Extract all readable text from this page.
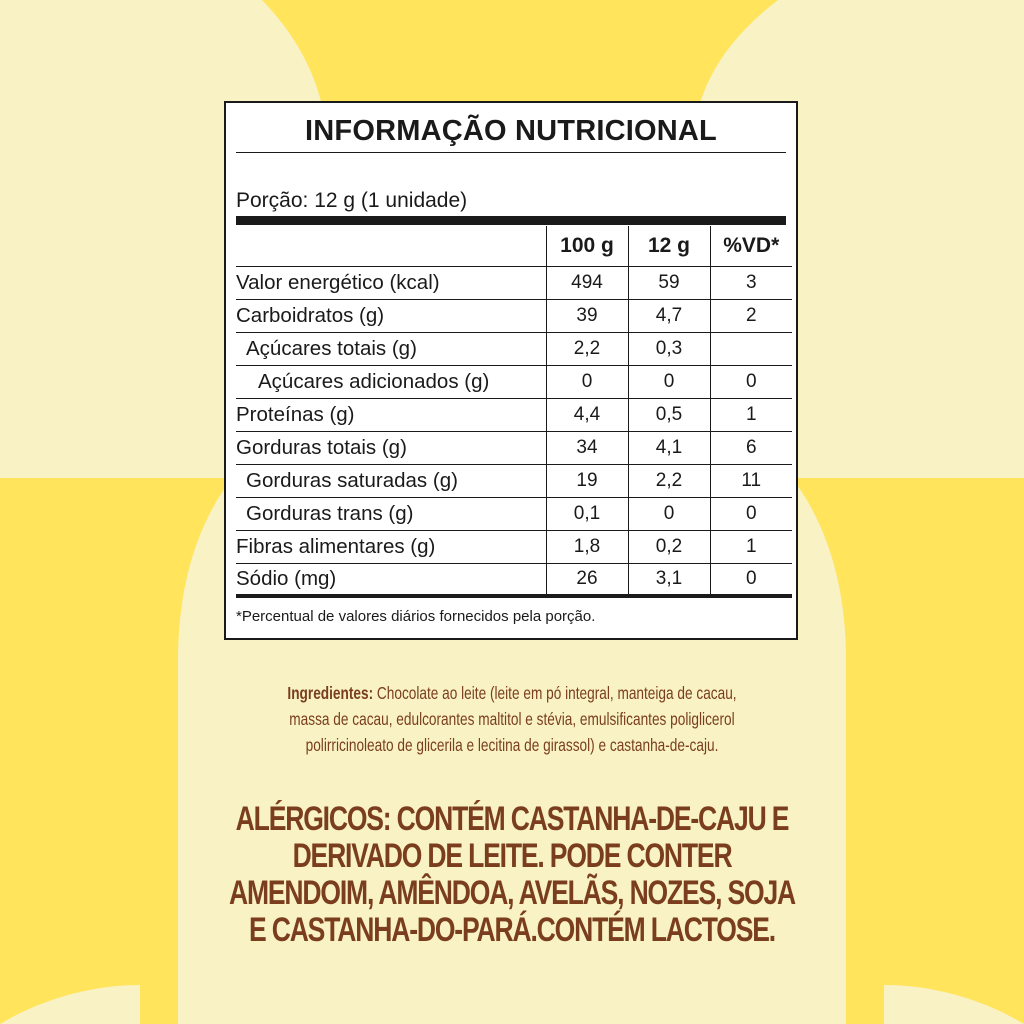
INFORMAÇÃO NUTRICIONAL
Porção: 12 g (1 unidade)
	100 g	12 g	%VD*
Valor energético (kcal)	494	59	3
Carboidratos (g)	39	4,7	2
Açúcares totais (g)	2,2	0,3	
Açúcares adicionados (g)	0	0	0
Proteínas (g)	4,4	0,5	1
Gorduras totais (g)	34	4,1	6
Gorduras saturadas (g)	19	2,2	11
Gorduras trans (g)	0,1	0	0
Fibras alimentares (g)	1,8	0,2	1
Sódio (mg)	26	3,1	0
*Percentual de valores diários fornecidos pela porção.
Ingredientes: Chocolate ao leite (leite em pó integral, manteiga de cacau, massa de cacau, edulcorantes maltitol e stévia, emulsificantes poliglicerol polirricinoleato de glicerila e lecitina de girassol) e castanha-de-caju.
ALÉRGICOS: CONTÉM CASTANHA-DE-CAJU E DERIVADO DE LEITE. PODE CONTER AMENDOIM, AMÊNDOA, AVELÃS, NOZES, SOJA E CASTANHA-DO-PARÁ.CONTÉM LACTOSE.
